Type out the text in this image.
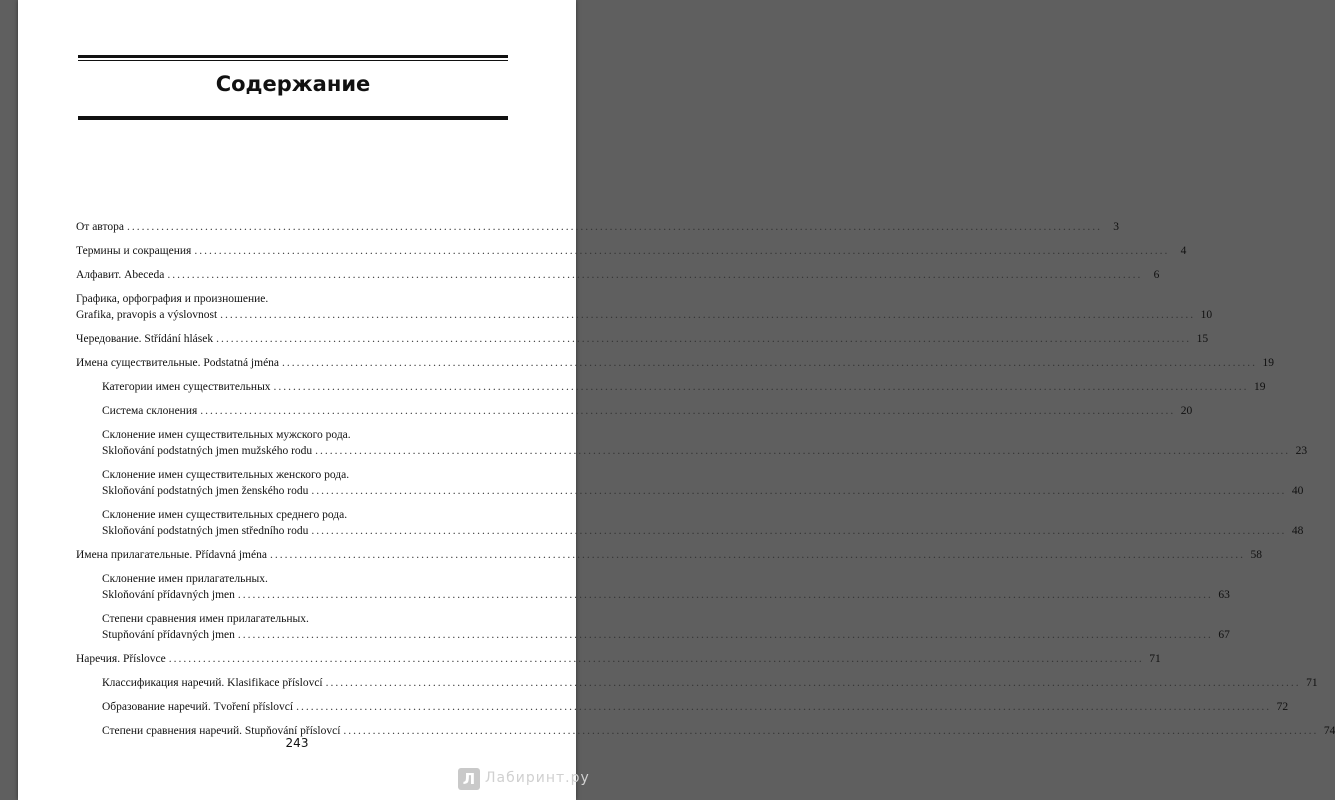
Содержание
От автора ........................................................................................................................................................................................................ 3
Термины и сокращения ........................................................................................................................................................................................................ 4
Алфавит. Abeceda ........................................................................................................................................................................................................ 6
Графика, орфография и произношение.
Grafika, pravopis a výslovnost ........................................................................................................................................................................................................ 10
Чередование. Střídání hlásek ........................................................................................................................................................................................................ 15
Имена существительные. Podstatná jména ........................................................................................................................................................................................................ 19
Категории имен существительных ........................................................................................................................................................................................................ 19
Система склонения ........................................................................................................................................................................................................ 20
Склонение имен существительных мужского рода.
Skloňování podstatných jmen mužského rodu ........................................................................................................................................................................................................ 23
Склонение имен существительных женского рода.
Skloňování podstatných jmen ženského rodu ........................................................................................................................................................................................................ 40
Склонение имен существительных среднего рода.
Skloňování podstatných jmen středního rodu ........................................................................................................................................................................................................ 48
Имена прилагательные. Přídavná jména ........................................................................................................................................................................................................ 58
Склонение имен прилагательных.
Skloňování přídavných jmen ........................................................................................................................................................................................................ 63
Степени сравнения имен прилагательных.
Stupňování přídavných jmen ........................................................................................................................................................................................................ 67
Наречия. Příslovce ........................................................................................................................................................................................................ 71
Классификация наречий. Klasifikace příslovcí ........................................................................................................................................................................................................ 71
Образование наречий. Tvoření příslovcí ........................................................................................................................................................................................................ 72
Степени сравнения наречий. Stupňování příslovcí ........................................................................................................................................................................................................ 74
243
Л Лабиринт.ру
